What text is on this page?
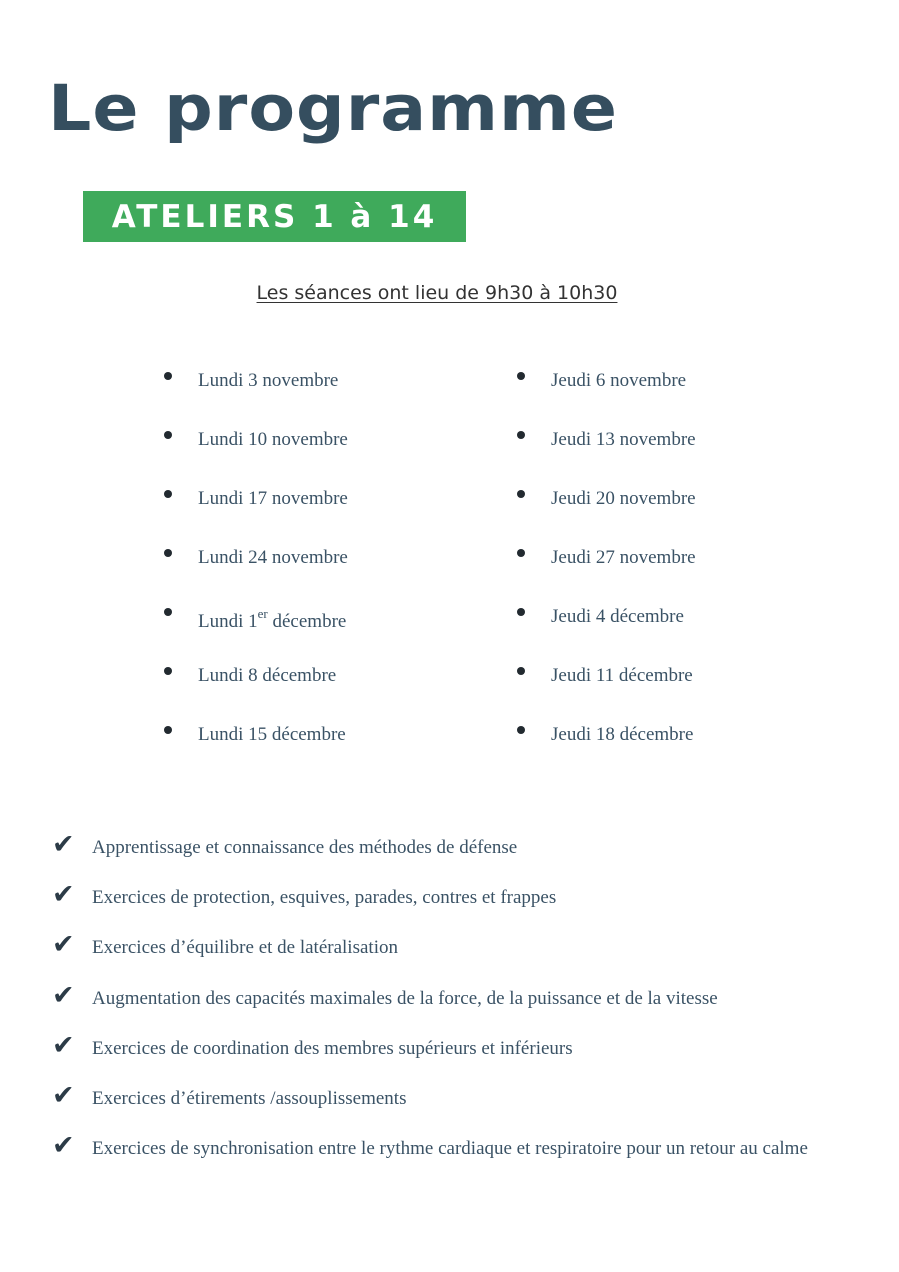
Le programme
ATELIERS 1 à 14
Les séances ont lieu de 9h30 à 10h30
Lundi 3 novembre
Lundi 10 novembre
Lundi 17 novembre
Lundi 24 novembre
Lundi 1er décembre
Lundi 8 décembre
Lundi 15 décembre
Jeudi 6 novembre
Jeudi 13 novembre
Jeudi 20 novembre
Jeudi 27 novembre
Jeudi 4 décembre
Jeudi 11 décembre
Jeudi 18 décembre
✔ Apprentissage et connaissance des méthodes de défense
✔ Exercices de protection, esquives, parades, contres et frappes
✔ Exercices d’équilibre et de latéralisation
✔ Augmentation des capacités maximales de la force, de la puissance et de la vitesse
✔ Exercices de coordination des membres supérieurs et inférieurs
✔ Exercices d’étirements /assouplissements
✔ Exercices de synchronisation entre le rythme cardiaque et respiratoire pour un retour au calme
